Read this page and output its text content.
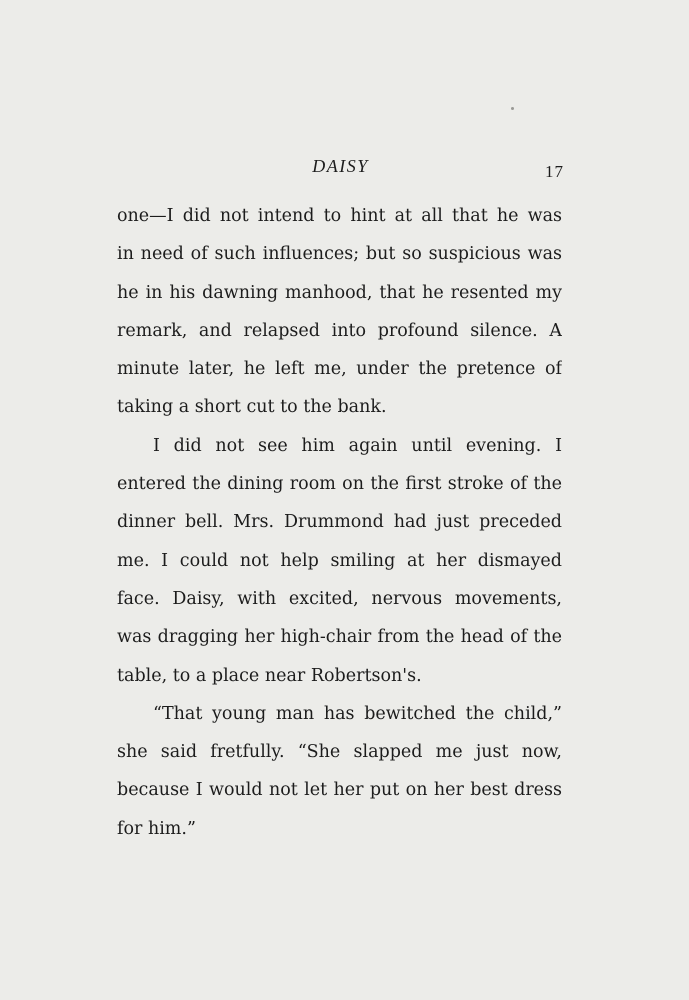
DAISY	17
one—I did not intend to hint at all that he was
in need of such influences; but so suspicious was
he in his dawning manhood, that he resented my
remark, and relapsed into profound silence. A
minute later, he left me, under the pretence of
taking a short cut to the bank.
I did not see him again until evening. I
entered the dining room on the first stroke of the
dinner bell. Mrs. Drummond had just preceded
me. I could not help smiling at her dismayed
face. Daisy, with excited, nervous movements,
was dragging her high-chair from the head of the
table, to a place near Robertson's.
“That young man has bewitched the child,”
she said fretfully. “She slapped me just now,
because I would not let her put on her best dress
for him.”
